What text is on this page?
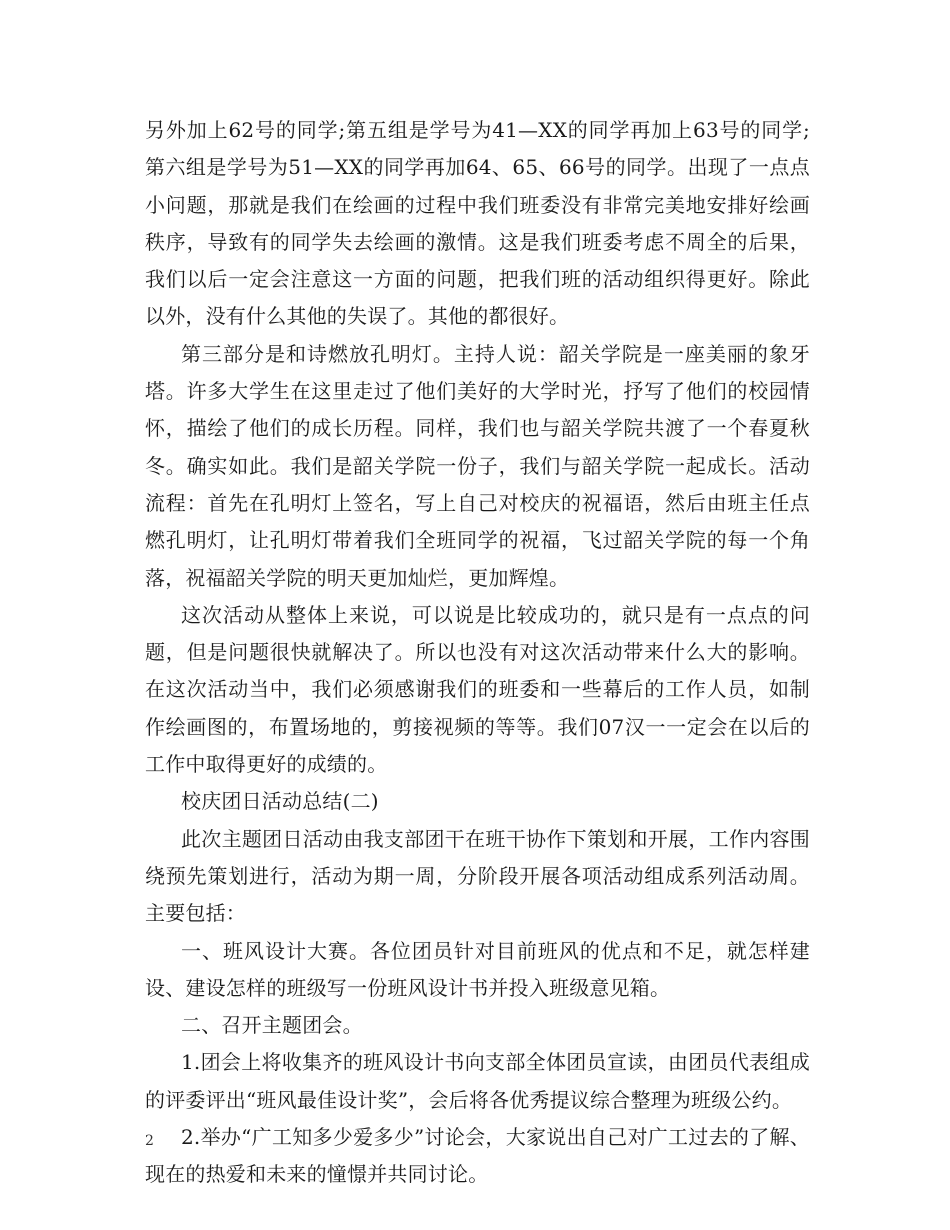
另外加上62号的同学;第五组是学号为41—XX的同学再加上63号的同学;第六组是学号为51—XX的同学再加64、65、66号的同学。出现了一点点小问题，那就是我们在绘画的过程中我们班委没有非常完美地安排好绘画秩序，导致有的同学失去绘画的激情。这是我们班委考虑不周全的后果，我们以后一定会注意这一方面的问题，把我们班的活动组织得更好。除此以外，没有什么其他的失误了。其他的都很好。

第三部分是和诗燃放孔明灯。主持人说：韶关学院是一座美丽的象牙塔。许多大学生在这里走过了他们美好的大学时光，抒写了他们的校园情怀，描绘了他们的成长历程。同样，我们也与韶关学院共渡了一个春夏秋冬。确实如此。我们是韶关学院一份子，我们与韶关学院一起成长。活动流程：首先在孔明灯上签名，写上自己对校庆的祝福语，然后由班主任点燃孔明灯，让孔明灯带着我们全班同学的祝福，飞过韶关学院的每一个角落，祝福韶关学院的明天更加灿烂，更加辉煌。

这次活动从整体上来说，可以说是比较成功的，就只是有一点点的问题，但是问题很快就解决了。所以也没有对这次活动带来什么大的影响。在这次活动当中，我们必须感谢我们的班委和一些幕后的工作人员，如制作绘画图的，布置场地的，剪接视频的等等。我们07汉一一定会在以后的工作中取得更好的成绩的。

校庆团日活动总结(二)

此次主题团日活动由我支部团干在班干协作下策划和开展，工作内容围绕预先策划进行，活动为期一周，分阶段开展各项活动组成系列活动周。主要包括：

一、班风设计大赛。各位团员针对目前班风的优点和不足，就怎样建设、建设怎样的班级写一份班风设计书并投入班级意见箱。

二、召开主题团会。

1.团会上将收集齐的班风设计书向支部全体团员宣读，由团员代表组成的评委评出“班风最佳设计奖”，会后将各优秀提议综合整理为班级公约。

2.举办“广工知多少爱多少”讨论会，大家说出自己对广工过去的了解、现在的热爱和未来的憧憬并共同讨论。

2
